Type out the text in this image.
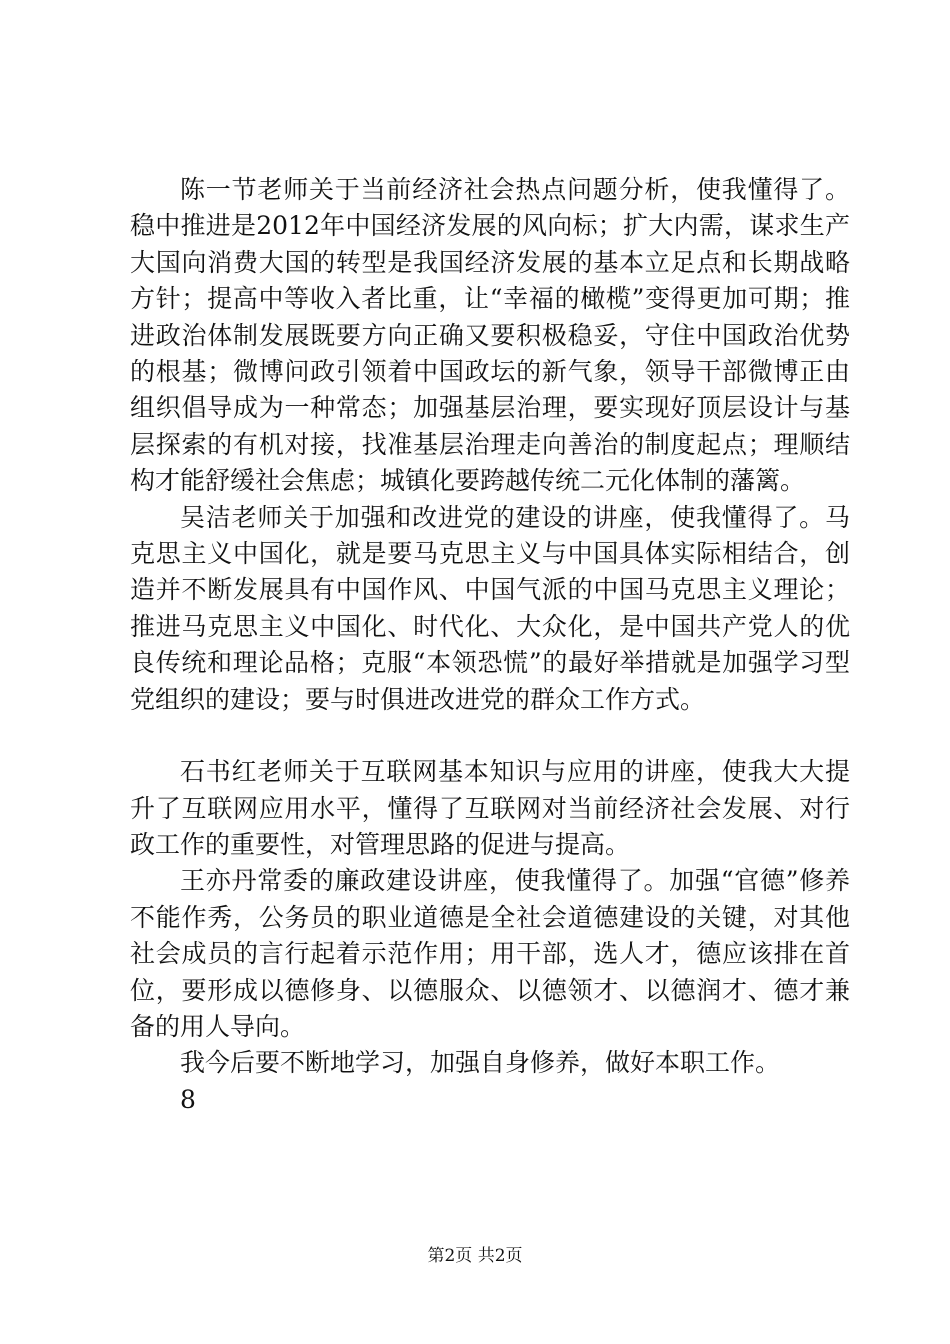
陈一节老师关于当前经济社会热点问题分析，使我懂得了。稳中推进是2012年中国经济发展的风向标；扩大内需，谋求生产大国向消费大国的转型是我国经济发展的基本立足点和长期战略方针；提高中等收入者比重，让“幸福的橄榄”变得更加可期；推进政治体制发展既要方向正确又要积极稳妥，守住中国政治优势的根基；微博问政引领着中国政坛的新气象，领导干部微博正由组织倡导成为一种常态；加强基层治理，要实现好顶层设计与基层探索的有机对接，找准基层治理走向善治的制度起点；理顺结构才能舒缓社会焦虑；城镇化要跨越传统二元化体制的藩篱。

吴洁老师关于加强和改进党的建设的讲座，使我懂得了。马克思主义中国化，就是要马克思主义与中国具体实际相结合，创造并不断发展具有中国作风、中国气派的中国马克思主义理论；推进马克思主义中国化、时代化、大众化，是中国共产党人的优良传统和理论品格；克服“本领恐慌”的最好举措就是加强学习型党组织的建设；要与时俱进改进党的群众工作方式。

石书红老师关于互联网基本知识与应用的讲座，使我大大提升了互联网应用水平，懂得了互联网对当前经济社会发展、对行政工作的重要性，对管理思路的促进与提高。

王亦丹常委的廉政建设讲座，使我懂得了。加强“官德”修养不能作秀，公务员的职业道德是全社会道德建设的关键，对其他社会成员的言行起着示范作用；用干部，选人才，德应该排在首位，要形成以德修身、以德服众、以德领才、以德润才、德才兼备的用人导向。

我今后要不断地学习，加强自身修养，做好本职工作。

8

第2页 共2页
